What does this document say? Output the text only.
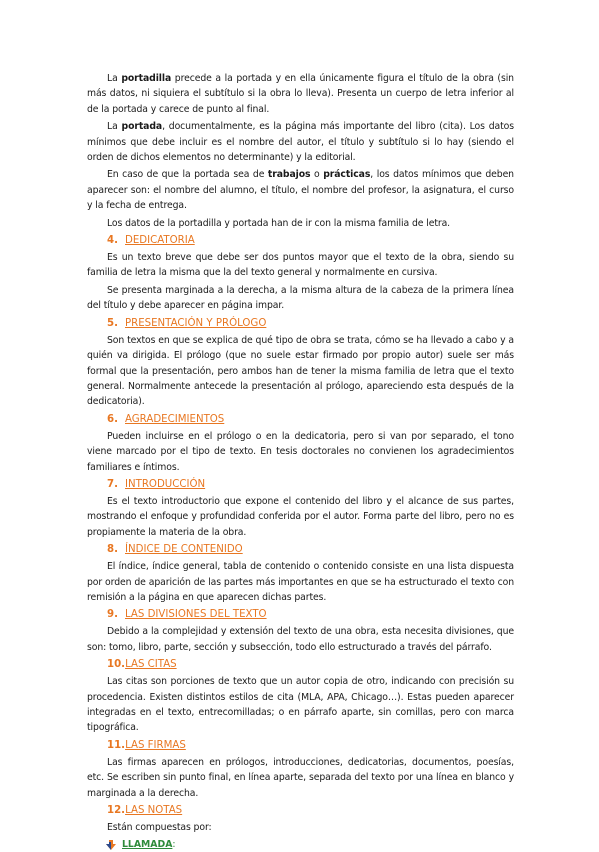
La portadilla precede a la portada y en ella únicamente figura el título de la obra (sin más datos, ni siquiera el subtítulo si la obra lo lleva). Presenta un cuerpo de letra inferior al de la portada y carece de punto al final.

La portada, documentalmente, es la página más importante del libro (cita). Los datos mínimos que debe incluir es el nombre del autor, el título y subtítulo si lo hay (siendo el orden de dichos elementos no determinante) y la editorial.

En caso de que la portada sea de trabajos o prácticas, los datos mínimos que deben aparecer son: el nombre del alumno, el título, el nombre del profesor, la asignatura, el curso y la fecha de entrega.

Los datos de la portadilla y portada han de ir con la misma familia de letra.

4. DEDICATORIA

Es un texto breve que debe ser dos puntos mayor que el texto de la obra, siendo su familia de letra la misma que la del texto general y normalmente en cursiva.

Se presenta marginada a la derecha, a la misma altura de la cabeza de la primera línea del título y debe aparecer en página impar.

5. PRESENTACIÓN Y PRÓLOGO

Son textos en que se explica de qué tipo de obra se trata, cómo se ha llevado a cabo y a quién va dirigida. El prólogo (que no suele estar firmado por propio autor) suele ser más formal que la presentación, pero ambos han de tener la misma familia de letra que el texto general. Normalmente antecede la presentación al prólogo, apareciendo esta después de la dedicatoria).

6. AGRADECIMIENTOS

Pueden incluirse en el prólogo o en la dedicatoria, pero si van por separado, el tono viene marcado por el tipo de texto. En tesis doctorales no convienen los agradecimientos familiares e íntimos.

7. INTRODUCCIÓN

Es el texto introductorio que expone el contenido del libro y el alcance de sus partes, mostrando el enfoque y profundidad conferida por el autor. Forma parte del libro, pero no es propiamente la materia de la obra.

8. ÍNDICE DE CONTENIDO

El índice, índice general, tabla de contenido o contenido consiste en una lista dispuesta por orden de aparición de las partes más importantes en que se ha estructurado el texto con remisión a la página en que aparecen dichas partes.

9. LAS DIVISIONES DEL TEXTO

Debido a la complejidad y extensión del texto de una obra, esta necesita divisiones, que son: tomo, libro, parte, sección y subsección, todo ello estructurado a través del párrafo.

10.LAS CITAS

Las citas son porciones de texto que un autor copia de otro, indicando con precisión su procedencia. Existen distintos estilos de cita (MLA, APA, Chicago…). Estas pueden aparecer integradas en el texto, entrecomilladas; o en párrafo aparte, sin comillas, pero con marca tipográfica.

11.LAS FIRMAS

Las firmas aparecen en prólogos, introducciones, dedicatorias, documentos, poesías, etc. Se escriben sin punto final, en línea aparte, separada del texto por una línea en blanco y marginada a la derecha.

12.LAS NOTAS

Están compuestas por:

LLAMADA :
